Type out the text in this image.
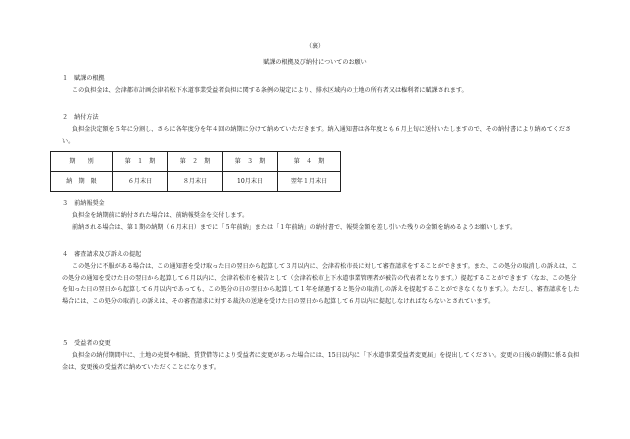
（裏）
賦課の根拠及び納付についてのお願い
１　賦課の根拠
この負担金は、会津都市計画会津若松下水道事業受益者負担に関する条例の規定により、排水区域内の土地の所有者又は権利者に賦課されます。
２　納付方法
負担金決定額を５年に分割し、さらに各年度分を年４回の納期に分けて納めていただきます。納入通知書は各年度とも６月上旬に送付いたしますので、その納付書により納めてください。
期　　別	第　１　期	第　２　期	第　３　期	第　４　期
納　期　限	６月末日	８月末日	10月末日	翌年１月末日
３　前納報奨金
負担金を納期前に納付された場合は、前納報奨金を交付します。
前納される場合は、第１期の納期（６月末日）までに「５年前納」または「１年前納」の納付書で、報奨金額を差し引いた残りの金額を納めるようお願いします。
４　審査請求及び訴えの提起
この処分に不服がある場合は、この通知書を受け取った日の翌日から起算して３月以内に、会津若松市長に対して審査請求をすることができます。また、この処分の取消しの訴えは、この処分の通知を受けた日の翌日から起算して６月以内に、会津若松市を被告として（会津若松市上下水道事業管理者が被告の代表者となります。）提起することができます（なお、この処分を知った日の翌日から起算して６月以内であっても、この処分の日の翌日から起算して１年を経過すると処分の取消しの訴えを提起することができなくなります。）。ただし、審査請求をした場合には、この処分の取消しの訴えは、その審査請求に対する裁決の送達を受けた日の翌日から起算して６月以内に提起しなければならないとされています。
５　受益者の変更
負担金の納付期間中に、土地の売買や相続、賃貸借等により受益者に変更があった場合には、15日以内に「下水道事業受益者変更届」を提出してください。変更の日後の納期に係る負担金は、変更後の受益者に納めていただくことになります。
